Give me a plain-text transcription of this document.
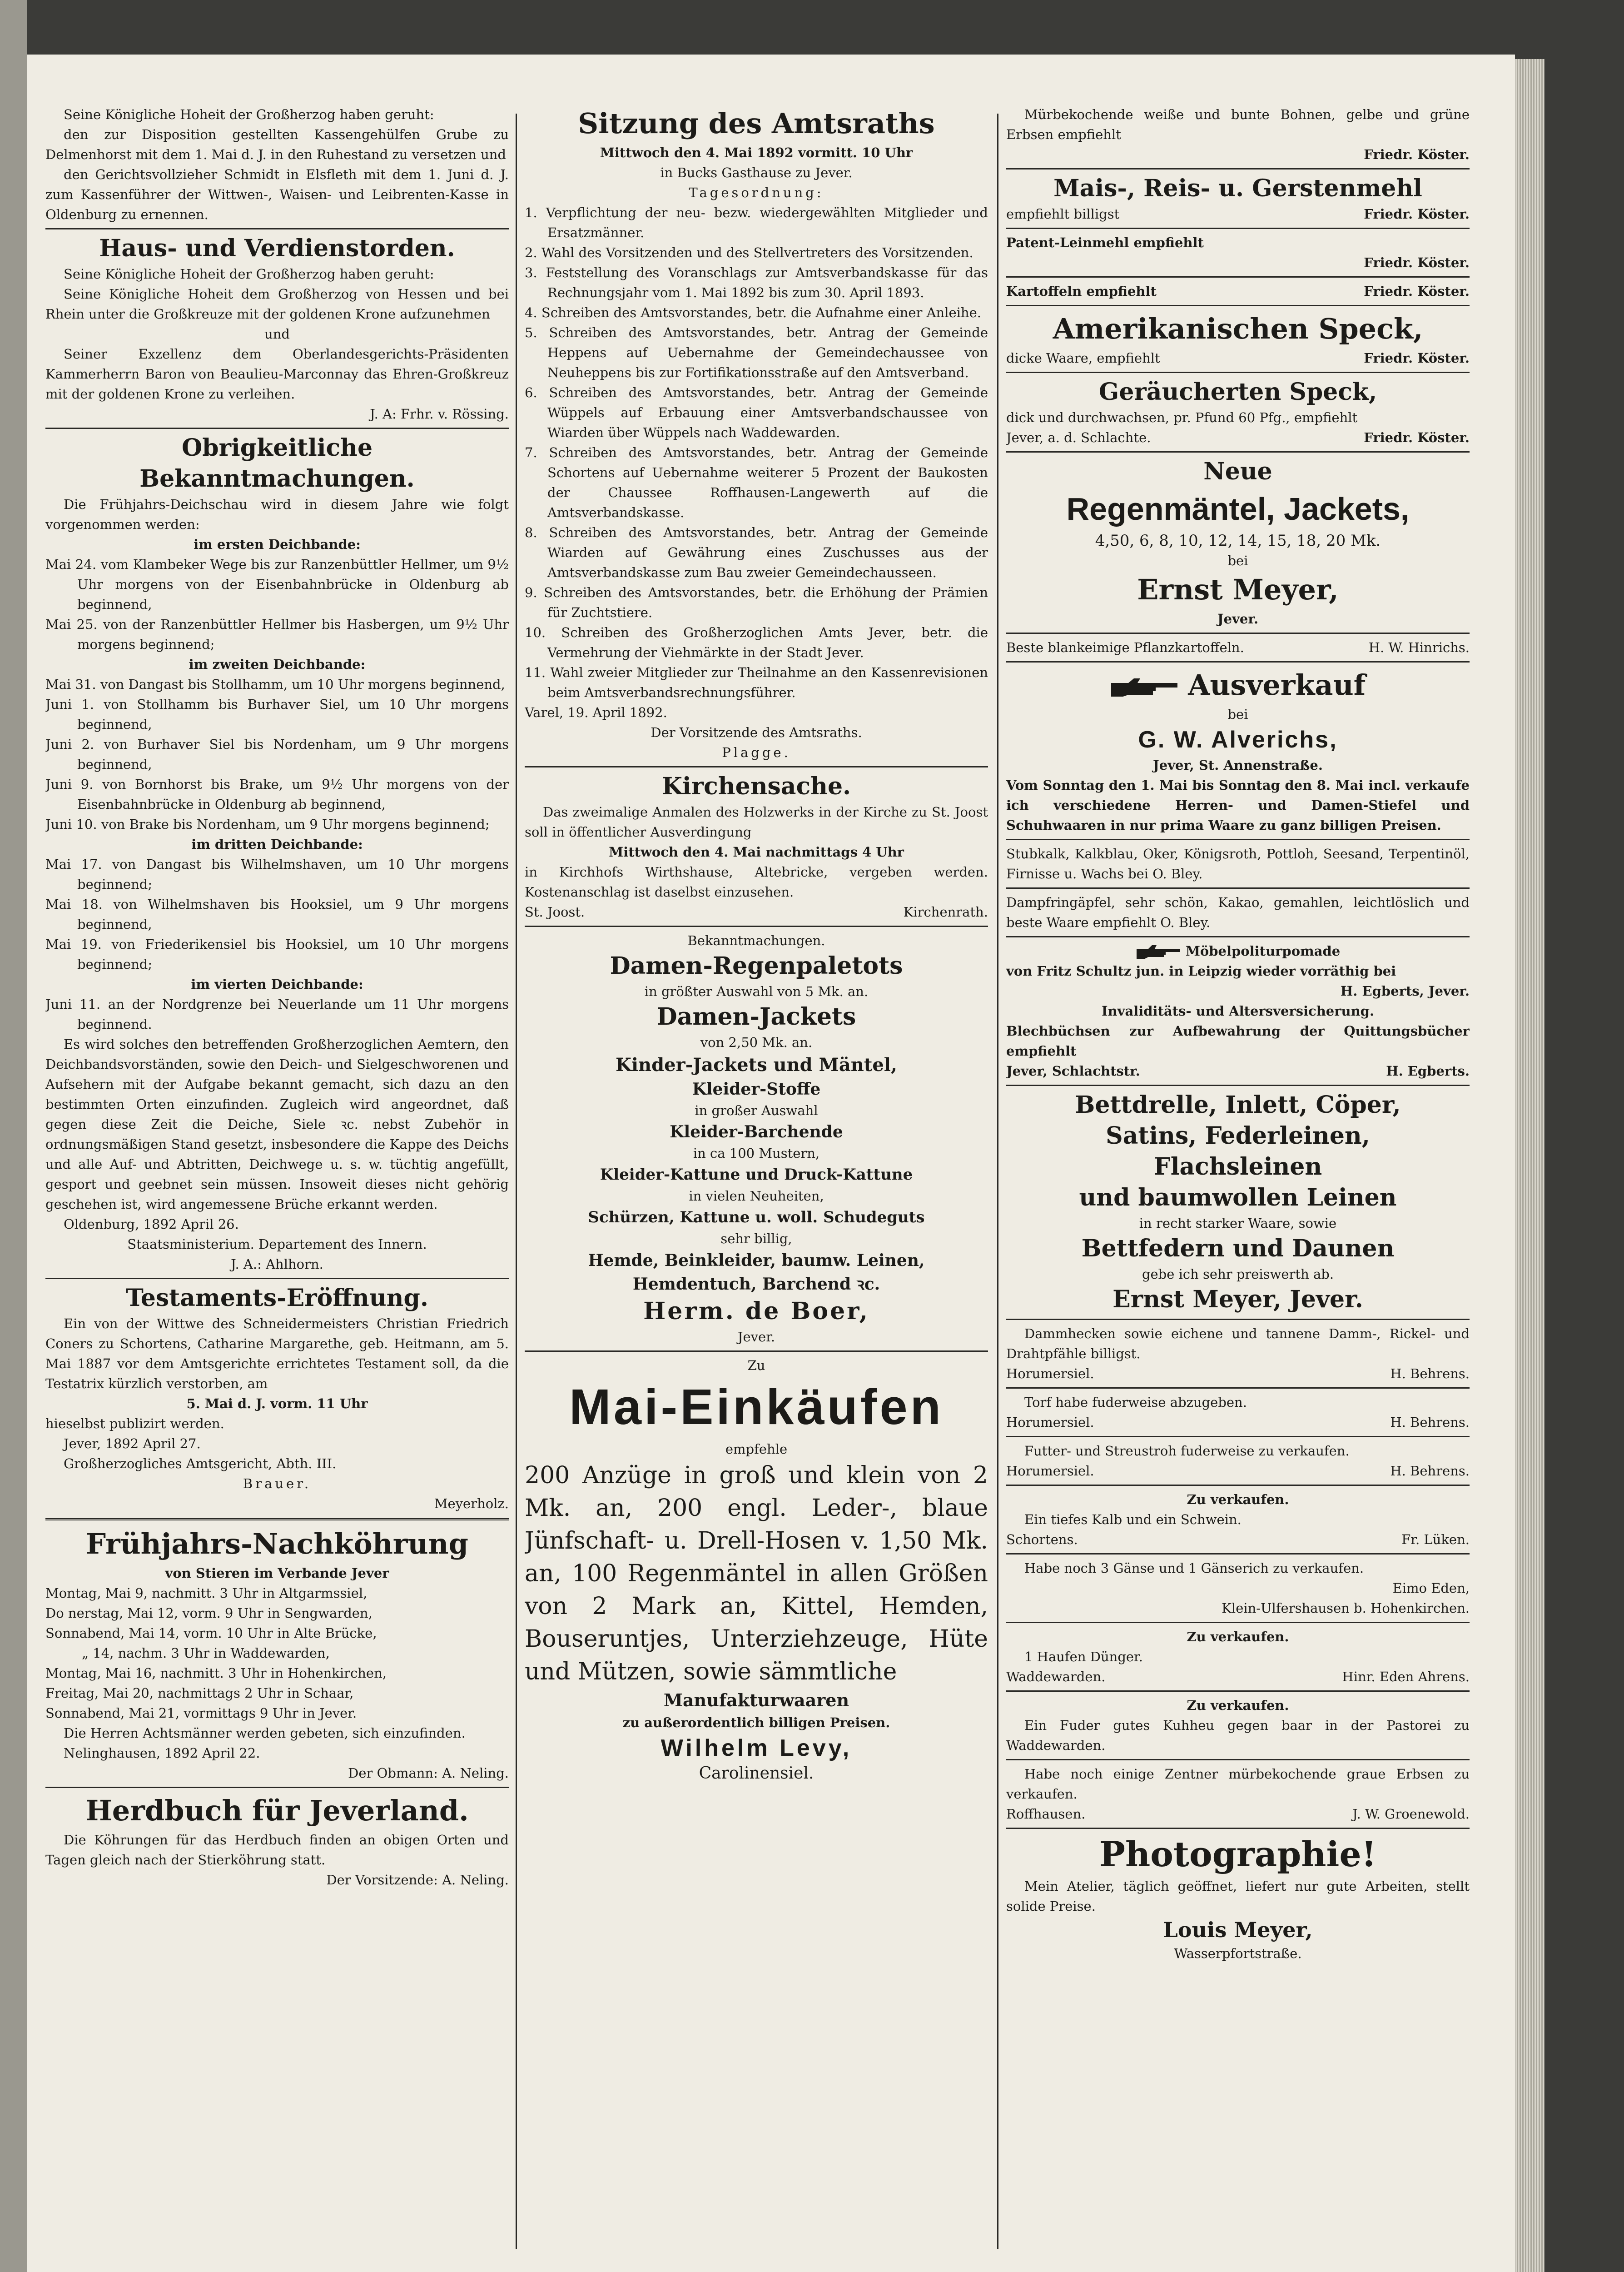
Seine Königliche Hoheit der Großherzog haben geruht:
den zur Disposition gestellten Kassengehülfen Grube zu Delmenhorst mit dem 1. Mai d. J. in den Ruhestand zu versetzen und
den Gerichtsvollzieher Schmidt in Elsfleth mit dem 1. Juni d. J. zum Kassenführer der Wittwen-, Waisen- und Leibrenten-Kasse in Oldenburg zu ernennen.
Haus- und Verdienstorden.
Seine Königliche Hoheit der Großherzog haben geruht:
Seine Königliche Hoheit dem Großherzog von Hessen und bei Rhein unter die Großkreuze mit der goldenen Krone aufzunehmen
und
Seiner Exzellenz dem Oberlandesgerichts-Präsidenten Kammerherrn Baron von Beaulieu-Marconnay das Ehren-Großkreuz mit der goldenen Krone zu verleihen.
J. A: Frhr. v. Rössing.
Obrigkeitliche Bekanntmachungen.
Die Frühjahrs-Deichschau wird in diesem Jahre wie folgt vorgenommen werden:
im ersten Deichbande:
Mai 24. vom Klambeker Wege bis zur Ranzenbüttler Hellmer, um 9½ Uhr morgens von der Eisenbahnbrücke in Oldenburg ab beginnend,
Mai 25. von der Ranzenbüttler Hellmer bis Hasbergen, um 9½ Uhr morgens beginnend;
im zweiten Deichbande:
Mai 31. von Dangast bis Stollhamm, um 10 Uhr morgens beginnend,
Juni 1. von Stollhamm bis Burhaver Siel, um 10 Uhr morgens beginnend,
Juni 2. von Burhaver Siel bis Nordenham, um 9 Uhr morgens beginnend,
Juni 9. von Bornhorst bis Brake, um 9½ Uhr morgens von der Eisenbahnbrücke in Oldenburg ab beginnend,
Juni 10. von Brake bis Nordenham, um 9 Uhr morgens beginnend;
im dritten Deichbande:
Mai 17. von Dangast bis Wilhelmshaven, um 10 Uhr morgens beginnend;
Mai 18. von Wilhelmshaven bis Hooksiel, um 9 Uhr morgens beginnend,
Mai 19. von Friederikensiel bis Hooksiel, um 10 Uhr morgens beginnend;
im vierten Deichbande:
Juni 11. an der Nordgrenze bei Neuerlande um 11 Uhr morgens beginnend.
Es wird solches den betreffenden Großherzoglichen Aemtern, den Deichbandsvorständen, sowie den Deich- und Sielgeschworenen und Aufsehern mit der Aufgabe bekannt gemacht, sich dazu an den bestimmten Orten einzufinden. Zugleich wird angeordnet, daß gegen diese Zeit die Deiche, Siele ꝛc. nebst Zubehör in ordnungsmäßigen Stand gesetzt, insbesondere die Kappe des Deichs und alle Auf- und Abtritten, Deichwege u. s. w. tüchtig angefüllt, gesport und geebnet sein müssen. Insoweit dieses nicht gehörig geschehen ist, wird angemessene Brüche erkannt werden.
Oldenburg, 1892 April 26.
Staatsministerium. Departement des Innern.
J. A.: Ahlhorn.
Testaments-Eröffnung.
Ein von der Wittwe des Schneidermeisters Christian Friedrich Coners zu Schortens, Catharine Margarethe, geb. Heitmann, am 5. Mai 1887 vor dem Amtsgerichte errichtetes Testament soll, da die Testatrix kürzlich verstorben, am
5. Mai d. J. vorm. 11 Uhr
hieselbst publizirt werden.
Jever, 1892 April 27.
Großherzogliches Amtsgericht, Abth. III.
Brauer.
Meyerholz.
Frühjahrs-Nachköhrung
von Stieren im Verbande Jever
Montag, Mai 9, nachmitt. 3 Uhr in Altgarmssiel,
Do nerstag, Mai 12, vorm. 9 Uhr in Sengwarden,
Sonnabend, Mai 14, vorm. 10 Uhr in Alte Brücke,
„ 14, nachm. 3 Uhr in Waddewarden,
Montag, Mai 16, nachmitt. 3 Uhr in Hohenkirchen,
Freitag, Mai 20, nachmittags 2 Uhr in Schaar,
Sonnabend, Mai 21, vormittags 9 Uhr in Jever.
Die Herren Achtsmänner werden gebeten, sich einzufinden.
Nelinghausen, 1892 April 22.
Der Obmann: A. Neling.
Herdbuch für Jeverland.
Die Köhrungen für das Herdbuch finden an obigen Orten und Tagen gleich nach der Stierköhrung statt.
Der Vorsitzende: A. Neling.
Sitzung des Amtsraths
Mittwoch den 4. Mai 1892 vormitt. 10 Uhr
in Bucks Gasthause zu Jever.
Tagesordnung:
1. Verpflichtung der neu- bezw. wiedergewählten Mitglieder und Ersatzmänner.
2. Wahl des Vorsitzenden und des Stellvertreters des Vorsitzenden.
3. Feststellung des Voranschlags zur Amtsverbandskasse für das Rechnungsjahr vom 1. Mai 1892 bis zum 30. April 1893.
4. Schreiben des Amtsvorstandes, betr. die Aufnahme einer Anleihe.
5. Schreiben des Amtsvorstandes, betr. Antrag der Gemeinde Heppens auf Uebernahme der Gemeindechaussee von Neuheppens bis zur Fortifikationsstraße auf den Amtsverband.
6. Schreiben des Amtsvorstandes, betr. Antrag der Gemeinde Wüppels auf Erbauung einer Amtsverbandschaussee von Wiarden über Wüppels nach Waddewarden.
7. Schreiben des Amtsvorstandes, betr. Antrag der Gemeinde Schortens auf Uebernahme weiterer 5 Prozent der Baukosten der Chaussee Roffhausen-Langewerth auf die Amtsverbandskasse.
8. Schreiben des Amtsvorstandes, betr. Antrag der Gemeinde Wiarden auf Gewährung eines Zuschusses aus der Amtsverbandskasse zum Bau zweier Gemeindechausseen.
9. Schreiben des Amtsvorstandes, betr. die Erhöhung der Prämien für Zuchtstiere.
10. Schreiben des Großherzoglichen Amts Jever, betr. die Vermehrung der Viehmärkte in der Stadt Jever.
11. Wahl zweier Mitglieder zur Theilnahme an den Kassenrevisionen beim Amtsverbandsrechnungsführer.
Varel, 19. April 1892.
Der Vorsitzende des Amtsraths.
Plagge.
Kirchensache.
Das zweimalige Anmalen des Holzwerks in der Kirche zu St. Joost soll in öffentlicher Ausverdingung
Mittwoch den 4. Mai nachmittags 4 Uhr
in Kirchhofs Wirthshause, Altebricke, vergeben werden. Kostenanschlag ist daselbst einzusehen.
St. Joost.	Kirchenrath.
Bekanntmachungen.
Damen-Regenpaletots
in größter Auswahl von 5 Mk. an.
Damen-Jackets
von 2,50 Mk. an.
Kinder-Jackets und Mäntel,
Kleider-Stoffe
in großer Auswahl
Kleider-Barchende
in ca 100 Mustern,
Kleider-Kattune und Druck-Kattune
in vielen Neuheiten,
Schürzen, Kattune u. woll. Schudeguts
sehr billig,
Hemde, Beinkleider, baumw. Leinen,
Hemdentuch, Barchend ꝛc.
Herm. de Boer,
Jever.
Zu
Mai-Einkäufen
empfehle
200 Anzüge in groß und klein von 2 Mk. an, 200 engl. Leder-, blaue Jünfschaft- u. Drell-Hosen v. 1,50 Mk. an, 100 Regenmäntel in allen Größen von 2 Mark an, Kittel, Hemden, Bouseruntjes, Unterziehzeuge, Hüte und Mützen, sowie sämmtliche
Manufakturwaaren
zu außerordentlich billigen Preisen.
Wilhelm Levy,
Carolinensiel.
Mürbekochende weiße und bunte Bohnen, gelbe und grüne Erbsen empfiehlt
Friedr. Köster.
Mais-, Reis- u. Gerstenmehl
empfiehlt billigst	Friedr. Köster.
Patent-Leinmehl empfiehlt
Friedr. Köster.
Kartoffeln empfiehlt	Friedr. Köster.
Amerikanischen Speck,
dicke Waare, empfiehlt	Friedr. Köster.
Geräucherten Speck,
dick und durchwachsen, pr. Pfund 60 Pfg., empfiehlt
Jever, a. d. Schlachte.	Friedr. Köster.
Neue
Regenmäntel, Jackets,
4,50, 6, 8, 10, 12, 14, 15, 18, 20 Mk.
bei
Ernst Meyer,
Jever.
Beste blankeimige Pflanzkartoffeln.	H. W. Hinrichs.
Ausverkauf
bei
G. W. Alverichs,
Jever, St. Annenstraße.
Vom Sonntag den 1. Mai bis Sonntag den 8. Mai incl. verkaufe ich verschiedene Herren- und Damen-Stiefel und Schuhwaaren in nur prima Waare zu ganz billigen Preisen.
Stubkalk, Kalkblau, Oker, Königsroth, Pottloh, Seesand, Terpentinöl, Firnisse u. Wachs bei O. Bley.
Dampfringäpfel, sehr schön, Kakao, gemahlen, leichtlöslich und beste Waare empfiehlt O. Bley.
Möbelpoliturpomade
von Fritz Schultz jun. in Leipzig wieder vorräthig bei
H. Egberts, Jever.
Invaliditäts- und Altersversicherung.
Blechbüchsen zur Aufbewahrung der Quittungsbücher empfiehlt
Jever, Schlachtstr.	H. Egberts.
Bettdrelle, Inlett, Cöper,
Satins, Federleinen,
Flachsleinen
und baumwollen Leinen
in recht starker Waare, sowie
Bettfedern und Daunen
gebe ich sehr preiswerth ab.
Ernst Meyer, Jever.
Dammhecken sowie eichene und tannene Damm-, Rickel- und Drahtpfähle billigst.
Horumersiel.	H. Behrens.
Torf habe fuderweise abzugeben.
Horumersiel.	H. Behrens.
Futter- und Streustroh fuderweise zu verkaufen.
Horumersiel.	H. Behrens.
Zu verkaufen.
Ein tiefes Kalb und ein Schwein.
Schortens.	Fr. Lüken.
Habe noch 3 Gänse und 1 Gänserich zu verkaufen.
Eimo Eden,
Klein-Ulfershausen b. Hohenkirchen.
Zu verkaufen.
1 Haufen Dünger.
Waddewarden.	Hinr. Eden Ahrens.
Zu verkaufen.
Ein Fuder gutes Kuhheu gegen baar in der Pastorei zu Waddewarden.
Habe noch einige Zentner mürbekochende graue Erbsen zu verkaufen.
Roffhausen.	J. W. Groenewold.
Photographie!
Mein Atelier, täglich geöffnet, liefert nur gute Arbeiten, stellt solide Preise.
Louis Meyer,
Wasserpfortstraße.
